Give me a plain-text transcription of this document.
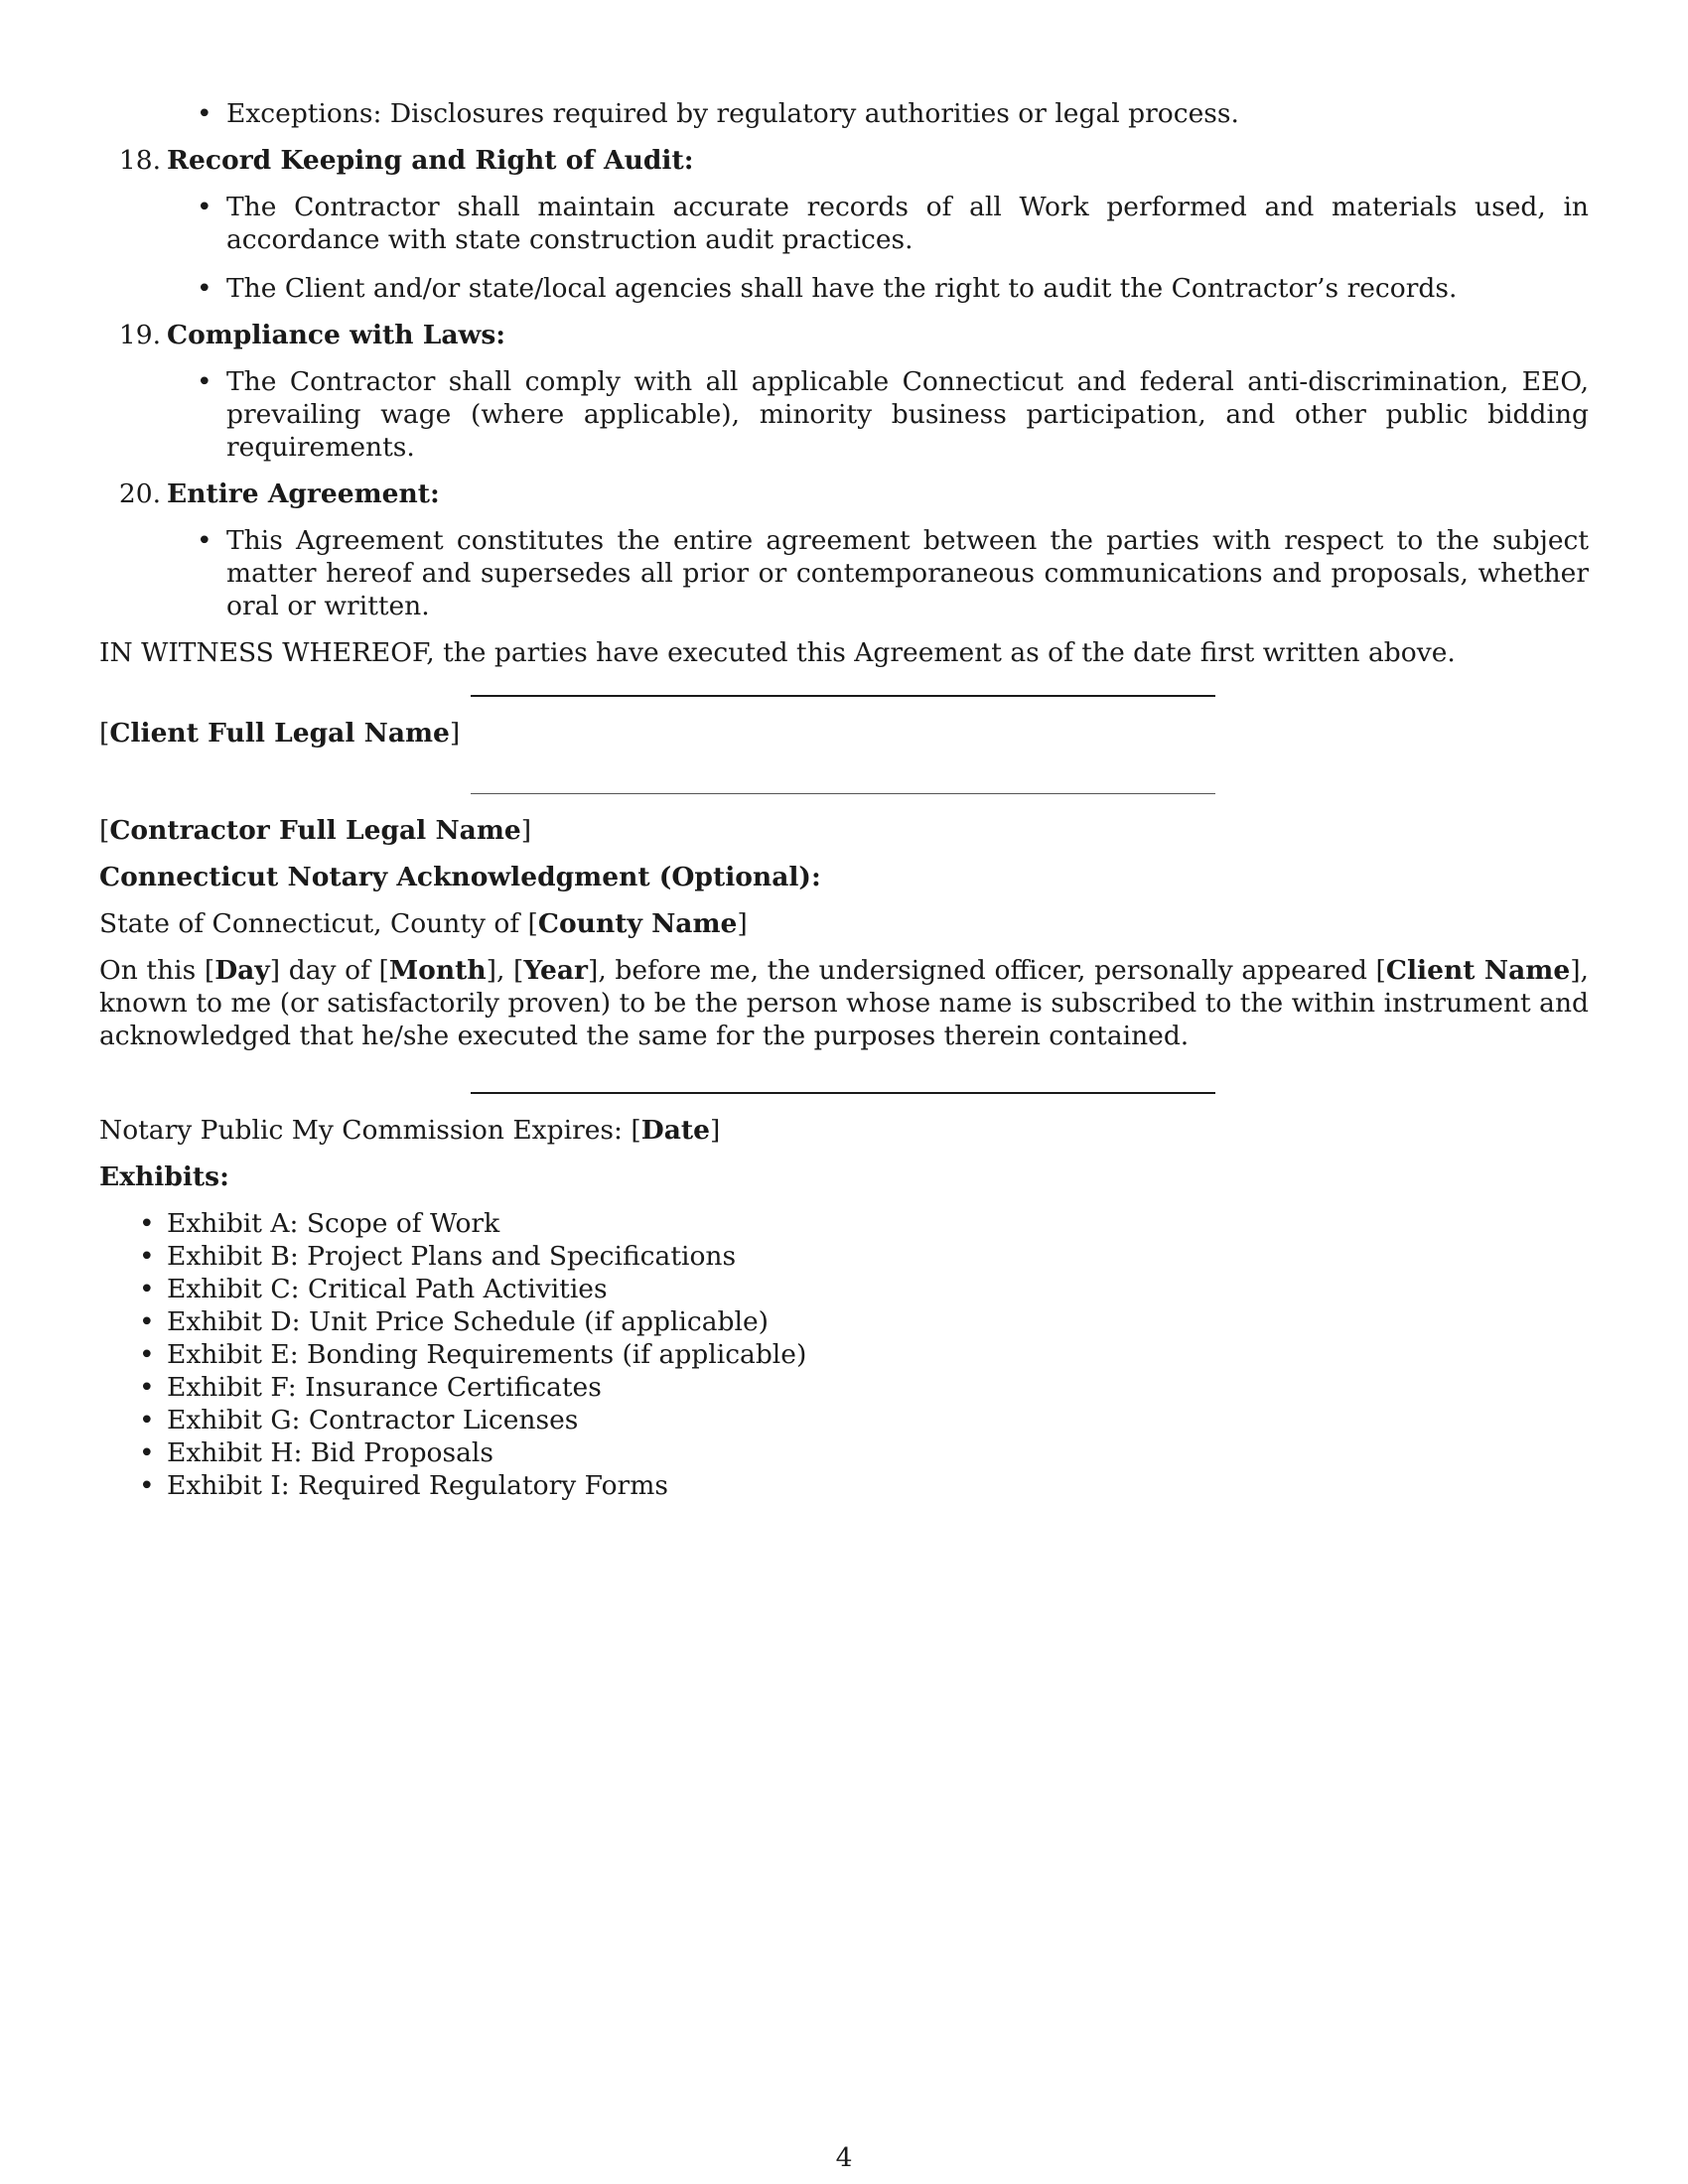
• Exceptions: Disclosures required by regulatory authorities or legal process.
18. Record Keeping and Right of Audit:
• The Contractor shall maintain accurate records of all Work performed and materials used, in accordance with state construction audit practices.
• The Client and/or state/local agencies shall have the right to audit the Contractor’s records.
19. Compliance with Laws:
• The Contractor shall comply with all applicable Connecticut and federal anti-discrimination, EEO, prevailing wage (where applicable), minority business participation, and other public bidding requirements.
20. Entire Agreement:
• This Agreement constitutes the entire agreement between the parties with respect to the subject matter hereof and supersedes all prior or contemporaneous communications and proposals, whether oral or written.
IN WITNESS WHEREOF, the parties have executed this Agreement as of the date first written above.
[Client Full Legal Name]
[Contractor Full Legal Name]
Connecticut Notary Acknowledgment (Optional):
State of Connecticut, County of [County Name]
On this [Day] day of [Month], [Year], before me, the undersigned officer, personally appeared [Client Name], known to me (or satisfactorily proven) to be the person whose name is subscribed to the within instrument and acknowledged that he/she executed the same for the purposes therein contained.
Notary Public My Commission Expires: [Date]
Exhibits:
• Exhibit A: Scope of Work
• Exhibit B: Project Plans and Specifications
• Exhibit C: Critical Path Activities
• Exhibit D: Unit Price Schedule (if applicable)
• Exhibit E: Bonding Requirements (if applicable)
• Exhibit F: Insurance Certificates
• Exhibit G: Contractor Licenses
• Exhibit H: Bid Proposals
• Exhibit I: Required Regulatory Forms
4
